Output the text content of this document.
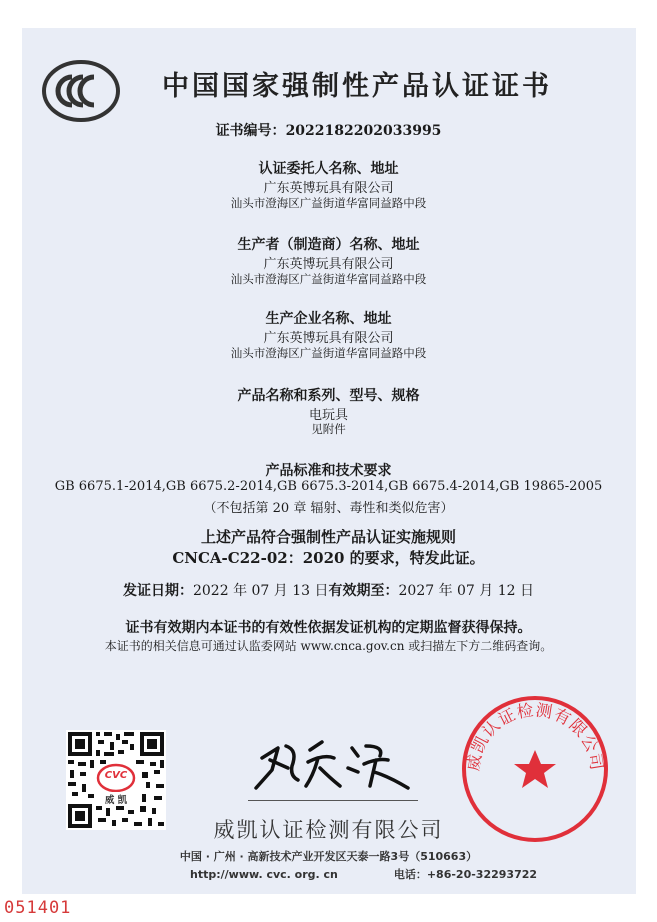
中国国家强制性产品认证证书
证书编号：2022182202033995
认证委托人名称、地址
广东英博玩具有限公司
汕头市澄海区广益街道华富同益路中段
生产者（制造商）名称、地址
广东英博玩具有限公司
汕头市澄海区广益街道华富同益路中段
生产企业名称、地址
广东英博玩具有限公司
汕头市澄海区广益街道华富同益路中段
产品名称和系列、型号、规格
电玩具
见附件
产品标准和技术要求
GB 6675.1-2014,GB 6675.2-2014,GB 6675.3-2014,GB 6675.4-2014,GB 19865-2005
（不包括第 20 章 辐射、毒性和类似危害）
上述产品符合强制性产品认证实施规则
CNCA-C22-02：2020 的要求，特发此证。
发证日期：2022 年 07 月 13 日有效期至：2027 年 07 月 12 日
证书有效期内本证书的有效性依据发证机构的定期监督获得保持。
本证书的相关信息可通过认监委网站 www.cnca.gov.cn 或扫描左下方二维码查询。
CVC
威 凯
威凯认证检测有限公司
中国 · 广州 · 高新技术产业开发区天泰一路3号（510663）
http://www. cvc. org. cn	电话：+86-20-32293722
威凯认证检测有限公司
051401
